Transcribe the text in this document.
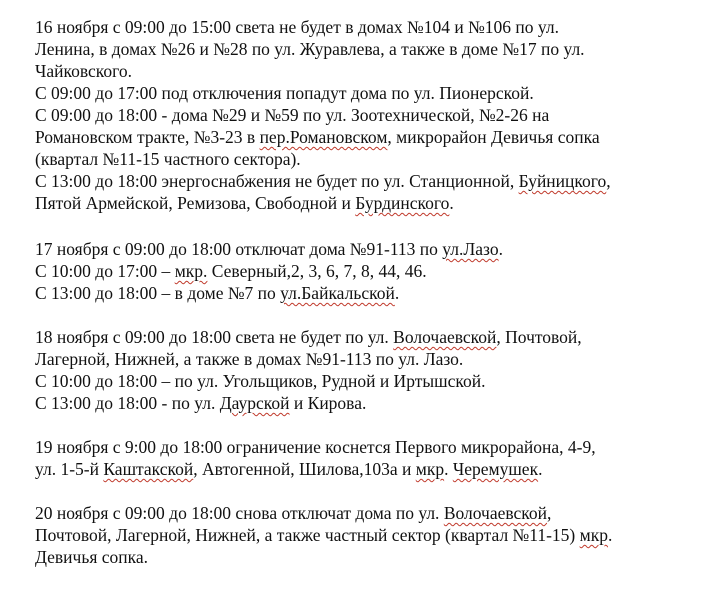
16 ноября с 09:00 до 15:00 света не будет в домах №104 и №106 по ул.
Ленина, в домах №26 и №28 по ул. Журавлева, а также в доме №17 по ул.
Чайковского.
С 09:00 до 17:00 под отключения попадут дома по ул. Пионерской.
С 09:00 до 18:00 - дома №29 и №59 по ул. Зоотехнической, №2-26 на
Романовском тракте, №3-23 в пер.Романовском, микрорайон Девичья сопка
(квартал №11-15 частного сектора).
С 13:00 до 18:00 энергоснабжения не будет по ул. Станционной, Буйницкого,
Пятой Армейской, Ремизова, Свободной и Бурдинского.
17 ноября с 09:00 до 18:00 отключат дома №91-113 по ул.Лазо.
С 10:00 до 17:00 – мкр. Северный,2, 3, 6, 7, 8, 44, 46.
С 13:00 до 18:00 – в доме №7 по ул.Байкальской.
18 ноября с 09:00 до 18:00 света не будет по ул. Волочаевской, Почтовой,
Лагерной, Нижней, а также в домах №91-113 по ул. Лазо.
С 10:00 до 18:00 – по ул. Угольщиков, Рудной и Иртышской.
С 13:00 до 18:00 - по ул. Даурской и Кирова.
19 ноября с 9:00 до 18:00 ограничение коснется Первого микрорайона, 4-9,
ул. 1-5-й Каштакской, Автогенной, Шилова,103а и мкр. Черемушек.
20 ноября с 09:00 до 18:00 снова отключат дома по ул. Волочаевской,
Почтовой, Лагерной, Нижней, а также частный сектор (квартал №11-15) мкр.
Девичья сопка.
